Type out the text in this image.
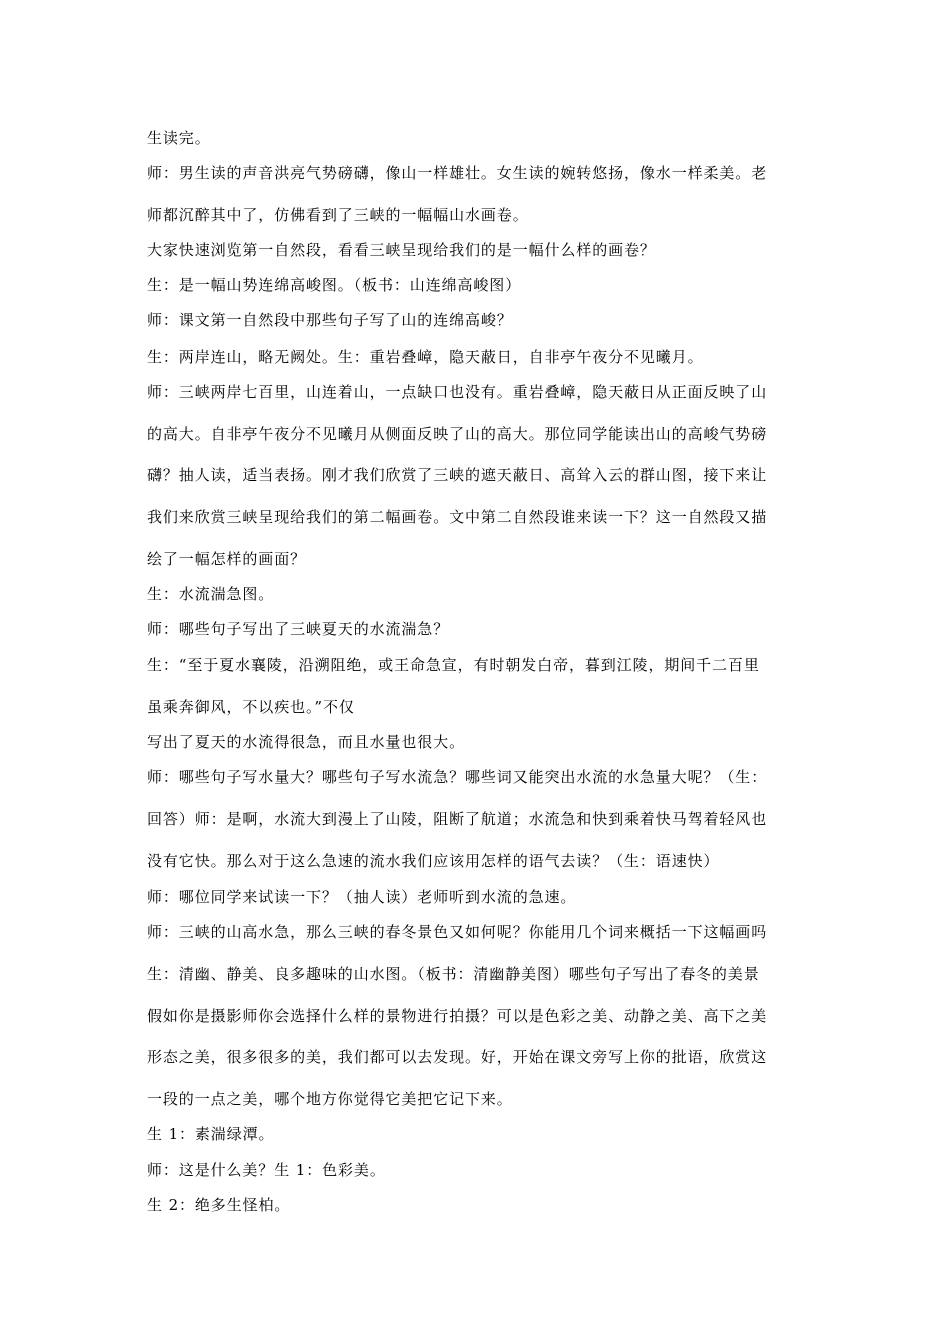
生读完。
师：男生读的声音洪亮气势磅礴，像山一样雄壮。女生读的婉转悠扬，像水一样柔美。老
师都沉醉其中了，仿佛看到了三峡的一幅幅山水画卷。
大家快速浏览第一自然段，看看三峡呈现给我们的是一幅什么样的画卷？
生：是一幅山势连绵高峻图。（板书：山连绵高峻图）
师：课文第一自然段中那些句子写了山的连绵高峻？
生：两岸连山，略无阙处。生：重岩叠嶂，隐天蔽日，自非亭午夜分不见曦月。
师：三峡两岸七百里，山连着山，一点缺口也没有。重岩叠嶂，隐天蔽日从正面反映了山
的高大。自非亭午夜分不见曦月从侧面反映了山的高大。那位同学能读出山的高峻气势磅
礴？抽人读，适当表扬。刚才我们欣赏了三峡的遮天蔽日、高耸入云的群山图，接下来让
我们来欣赏三峡呈现给我们的第二幅画卷。文中第二自然段谁来读一下？这一自然段又描
绘了一幅怎样的画面？
生：水流湍急图。
师：哪些句子写出了三峡夏天的水流湍急？
生：“至于夏水襄陵，沿溯阻绝，或王命急宣，有时朝发白帝，暮到江陵，期间千二百里
虽乘奔御风，不以疾也。”不仅
写出了夏天的水流得很急，而且水量也很大。
师：哪些句子写水量大？哪些句子写水流急？哪些词又能突出水流的水急量大呢？（生：
回答）师：是啊，水流大到漫上了山陵，阻断了航道；水流急和快到乘着快马驾着轻风也
没有它快。那么对于这么急速的流水我们应该用怎样的语气去读？（生：语速快）
师：哪位同学来试读一下？（抽人读）老师听到水流的急速。
师：三峡的山高水急，那么三峡的春冬景色又如何呢？你能用几个词来概括一下这幅画吗
生：清幽、静美、良多趣味的山水图。（板书：清幽静美图）哪些句子写出了春冬的美景
假如你是摄影师你会选择什么样的景物进行拍摄？可以是色彩之美、动静之美、高下之美
形态之美，很多很多的美，我们都可以去发现。好，开始在课文旁写上你的批语，欣赏这
一段的一点之美，哪个地方你觉得它美把它记下来。
生 1：素湍绿潭。
师：这是什么美？生 1：色彩美。
生 2：绝多生怪柏。
